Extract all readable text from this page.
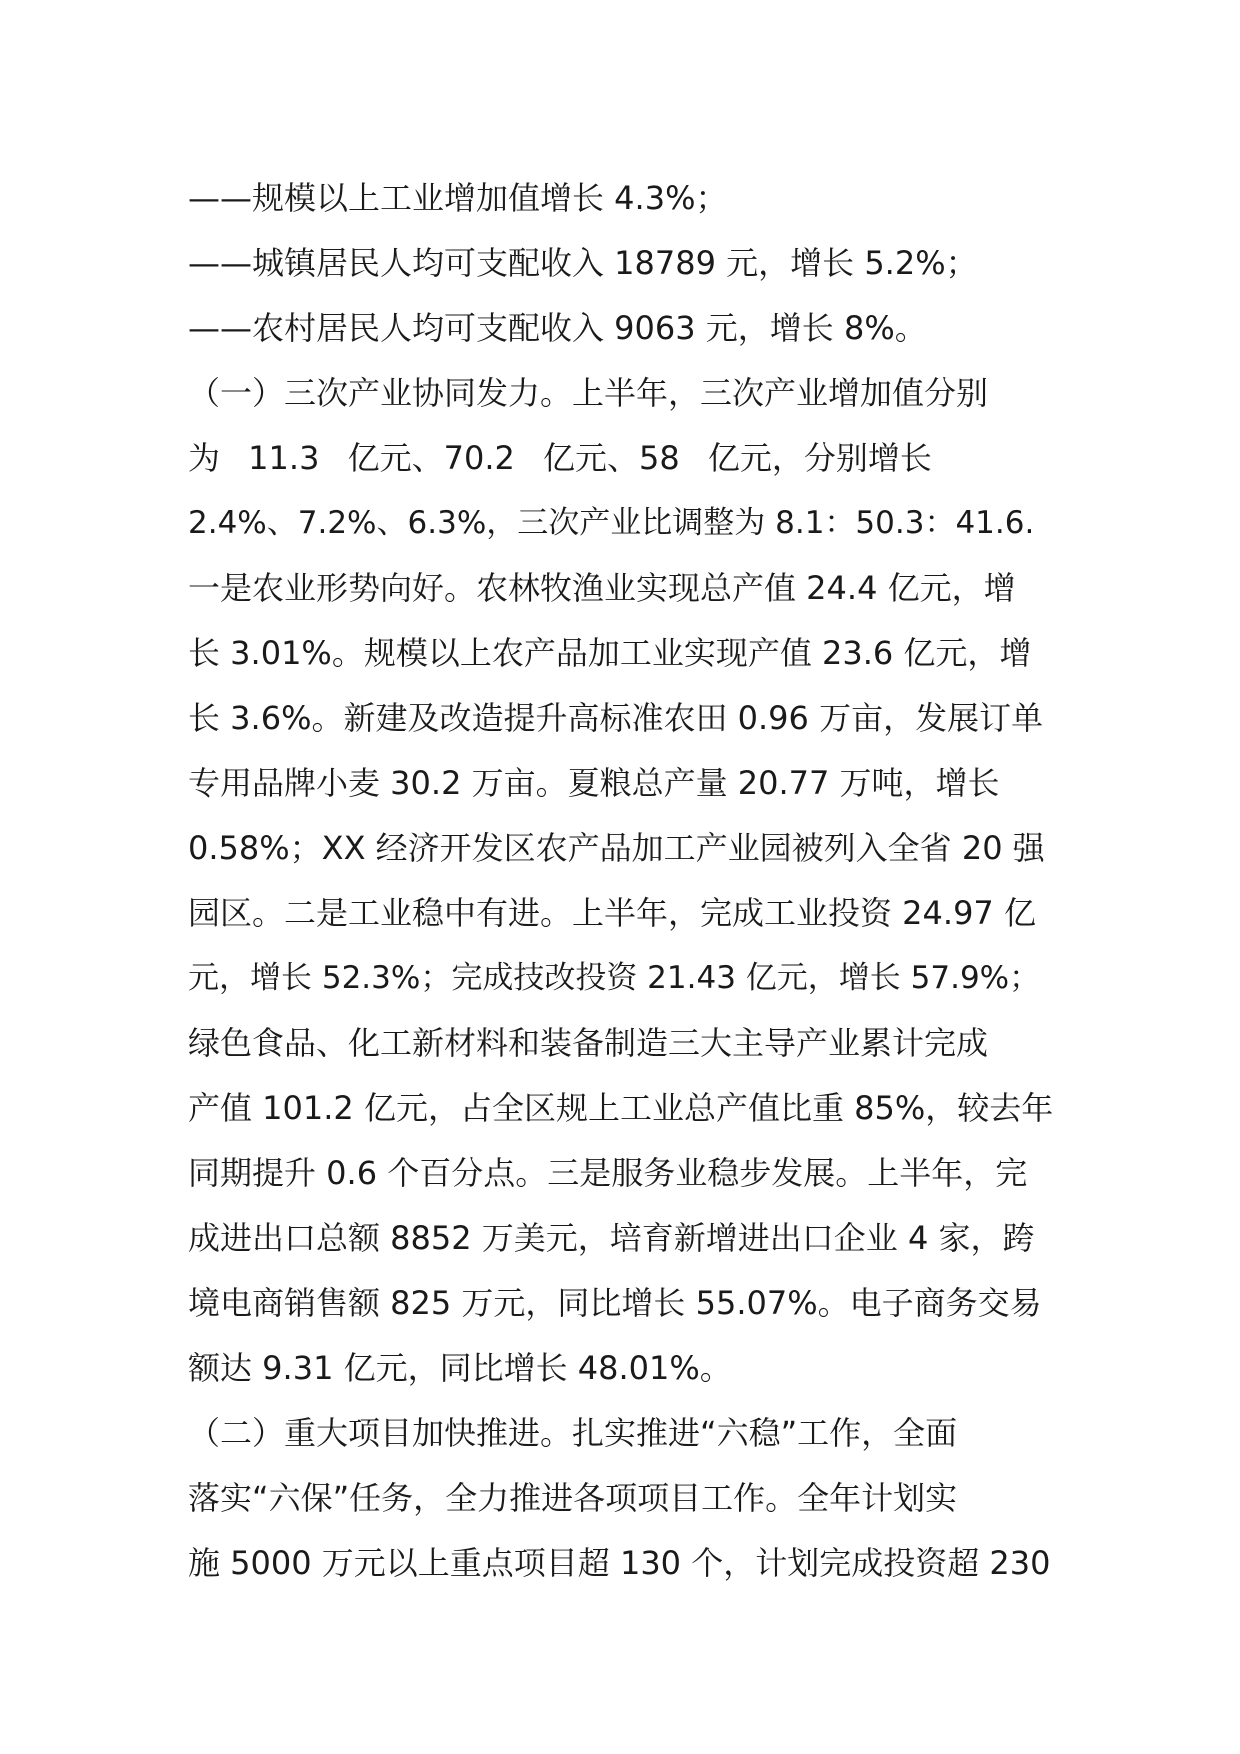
——规模以上工业增加值增长 4.3%；
——城镇居民人均可支配收入 18789 元，增长 5.2%；
——农村居民人均可支配收入 9063 元，增长 8%。
（一）三次产业协同发力。上半年，三次产业增加值分别
为 11.3 亿元、70.2 亿元、58 亿元，分别增长
2.4%、7.2%、6.3%，三次产业比调整为 8.1：50.3：41.6.
一是农业形势向好。农林牧渔业实现总产值 24.4 亿元，增
长 3.01%。规模以上农产品加工业实现产值 23.6 亿元，增
长 3.6%。新建及改造提升高标准农田 0.96 万亩，发展订单
专用品牌小麦 30.2 万亩。夏粮总产量 20.77 万吨，增长
0.58%；XX 经济开发区农产品加工产业园被列入全省 20 强
园区。二是工业稳中有进。上半年，完成工业投资 24.97 亿
元，增长 52.3%；完成技改投资 21.43 亿元，增长 57.9%；
绿色食品、化工新材料和装备制造三大主导产业累计完成
产值 101.2 亿元，占全区规上工业总产值比重 85%，较去年
同期提升 0.6 个百分点。三是服务业稳步发展。上半年，完
成进出口总额 8852 万美元，培育新增进出口企业 4 家，跨
境电商销售额 825 万元，同比增长 55.07%。电子商务交易
额达 9.31 亿元，同比增长 48.01%。
（二）重大项目加快推进。扎实推进“六稳”工作，全面
落实“六保”任务，全力推进各项项目工作。全年计划实
施 5000 万元以上重点项目超 130 个，计划完成投资超 230
